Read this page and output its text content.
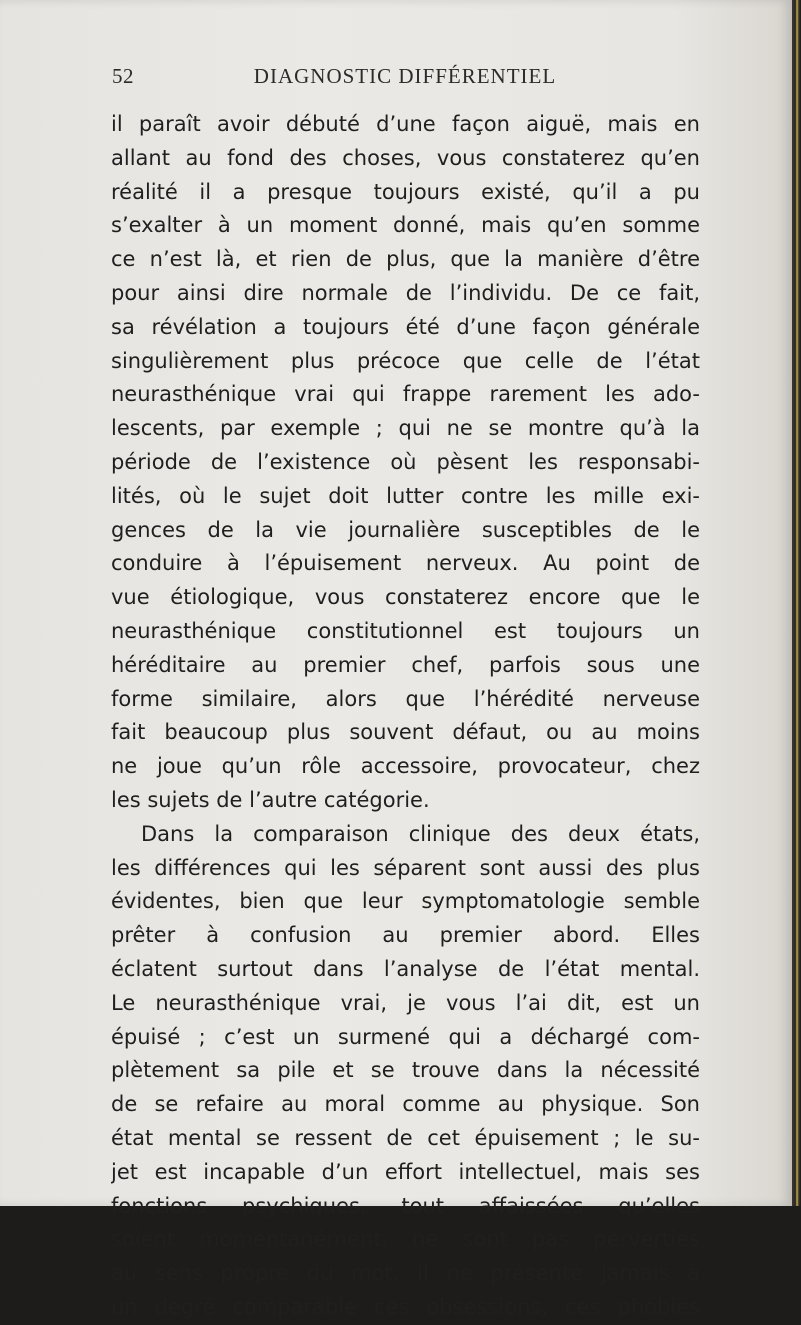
52	DIAGNOSTIC DIFFÉRENTIEL
il paraît avoir débuté d’une façon aiguë, mais en
allant au fond des choses, vous constaterez qu’en
réalité il a presque toujours existé, qu’il a pu
s’exalter à un moment donné, mais qu’en somme
ce n’est là, et rien de plus, que la manière d’être
pour ainsi dire normale de l’individu. De ce fait,
sa révélation a toujours été d’une façon générale
singulièrement plus précoce que celle de l’état
neurasthénique vrai qui frappe rarement les ado-
lescents, par exemple ; qui ne se montre qu’à la
période de l’existence où pèsent les responsabi-
lités, où le sujet doit lutter contre les mille exi-
gences de la vie journalière susceptibles de le
conduire à l’épuisement nerveux. Au point de
vue étiologique, vous constaterez encore que le
neurasthénique constitutionnel est toujours un
héréditaire au premier chef, parfois sous une
forme similaire, alors que l’hérédité nerveuse
fait beaucoup plus souvent défaut, ou au moins
ne joue qu’un rôle accessoire, provocateur, chez
les sujets de l’autre catégorie.
Dans la comparaison clinique des deux états,
les différences qui les séparent sont aussi des plus
évidentes, bien que leur symptomatologie semble
prêter à confusion au premier abord. Elles
éclatent surtout dans l’analyse de l’état mental.
Le neurasthénique vrai, je vous l’ai dit, est un
épuisé ; c’est un surmené qui a déchargé com-
plètement sa pile et se trouve dans la nécessité
de se refaire au moral comme au physique. Son
état mental se ressent de cet épuisement ; le su-
jet est incapable d’un effort intellectuel, mais ses
fonctions psychiques, tout affaissées qu’elles
soient momentanément, ne sont pas perverties
au sens propre du mot. Il ne présente jamais à
un degré comparable ces obsessions, ces phobies
